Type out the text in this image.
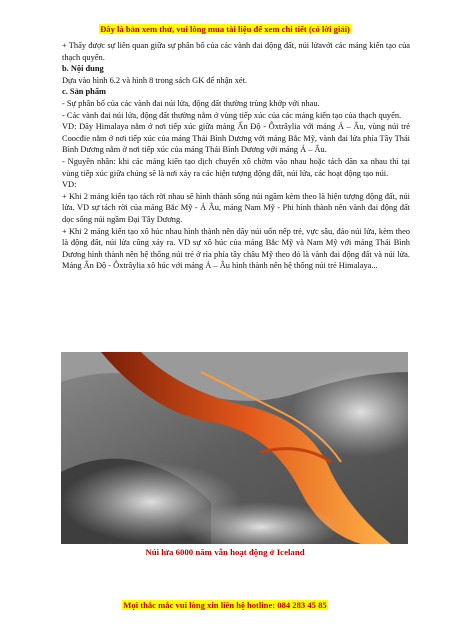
Đây là bản xem thử, vui lòng mua tài liệu để xem chi tiết (có lời giải)

+ Thấy được sự liên quan giữa sự phân bố của các vành đai động đất, núi lửavới các mảng kiến tạo của thạch quyển.

b. Nội dung

Dựa vào hình 6.2 và hình 8 trong sách GK để nhận xét.

c. Sản phẩm

- Sự phân bố của các vành đai núi lửa, động đất thường trùng khớp với nhau.

- Các vành đai núi lửa, động đất thường nằm ở vùng tiếp xúc của các mảng kiến tạo của thạch quyển.

VD: Dãy Himalaya nằm ở nơi tiếp xúc giữa mảng Ấn Độ - Ôxtrâylia với mảng Á – Âu, vùng núi trẻ Coocđie nằm ở nơi tiếp xúc của mảng Thái Bình Dương với mảng Bắc Mỹ, vành đai lửa phía Tây Thái Bình Dương nằm ở nơi tiếp xúc của mảng Thái Bình Dương với mảng Á – Âu.

- Nguyên nhân: khi các mảng kiến tạo dịch chuyển xô chờm vào nhau hoặc tách dãn xa nhau thì tại vùng tiếp xúc giữa chúng sẽ là nơi xảy ra các hiện tượng động đất, núi lửa, các hoạt động tạo núi.

VD:

+ Khi 2 mảng kiến tạo tách rời nhau sẽ hình thành sống núi ngầm kèm theo là hiện tượng động đất, núi lửa. VD sự tách rời của mảng Bắc Mỹ - Á Âu, mảng Nam Mỹ - Phi hình thành nên vành đai động đất dọc sống núi ngầm Đại Tây Dương.

+ Khi 2 mảng kiến tạo xô húc nhau hình thành nên dãy núi uốn nếp trẻ, vực sâu, đảo núi lửa, kèm theo là động đất, núi lửa cũng xảy ra. VD sự xô húc của mảng Bắc Mỹ và Nam Mỹ với mảng Thái Bình Dương hình thành nên hệ thống núi trẻ ở rìa phía tây châu Mỹ theo đó là vành đai động đất và núi lửa. Mảng Ấn Độ - Ôxtrâylia xô húc với mảng Á – Âu hình thành nên hệ thống núi trẻ Himalaya...

Núi lửa 6000 năm vẫn hoạt động ở Iceland
Mọi thắc mắc vui lòng xin liên hệ hotline: 084 283 45 85
